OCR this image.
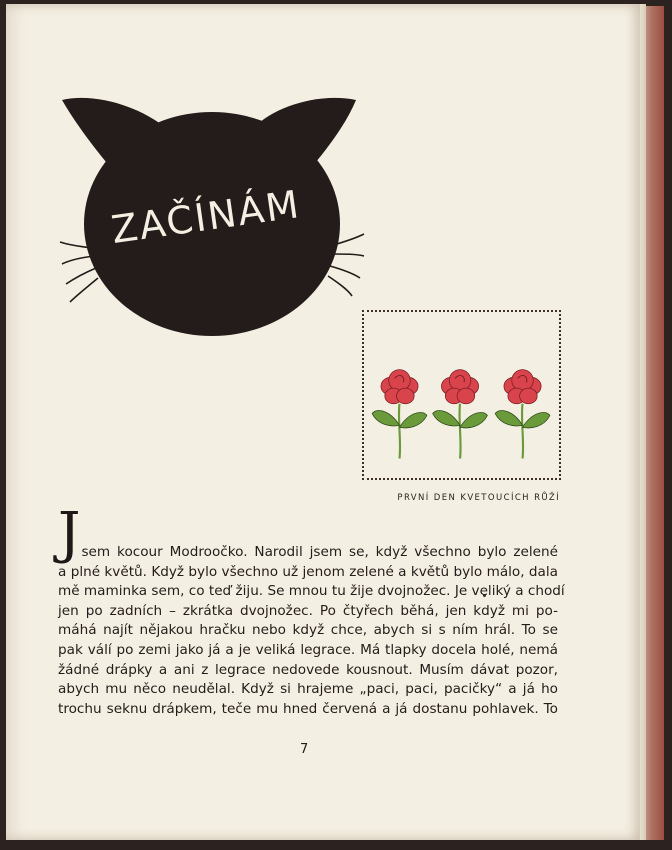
ZAČÍNÁM
PRVNÍ DEN KVETOUCÍCH RŮŽÍ
J sem kocour Modroočko. Narodil jsem se, když všechno bylo zelené
a plné květů. Když bylo všechno už jenom zelené a květů bylo málo, dala
mě maminka sem, co teď žiju. Se mnou tu žije dvojnožec. Je veliký a chodí
jen po zadních – zkrátka dvojnožec. Po čtyřech běhá, jen když mi po-
máhá najít nějakou hračku nebo když chce, abych si s ním hrál. To se
pak válí po zemi jako já a je veliká legrace. Má tlapky docela holé, nemá
žádné drápky a ani z legrace nedovede kousnout. Musím dávat pozor,
abych mu něco neudělal. Když si hrajeme „paci, paci, pacičky“ a já ho
trochu seknu drápkem, teče mu hned červená a já dostanu pohlavek. To
7
